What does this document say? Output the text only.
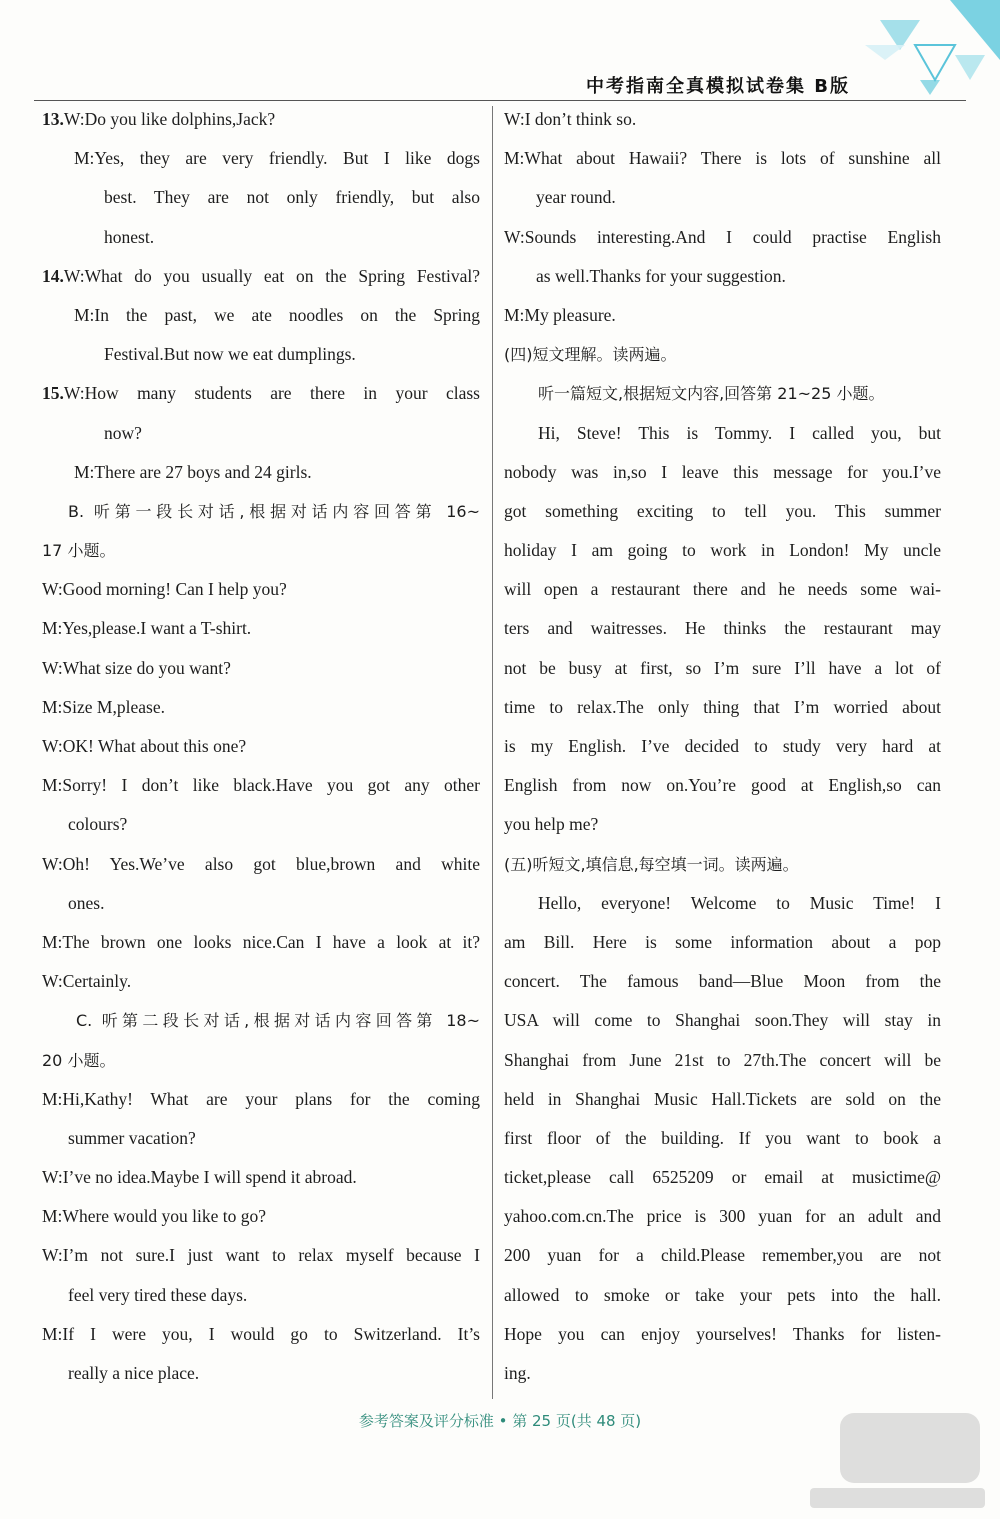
中考指南全真模拟试卷集 B版
13.W:Do you like dolphins,Jack?
M:Yes, they are very friendly. But I like dogs
best. They are not only friendly, but also
honest.
14.W:What do you usually eat on the Spring Festival?
M:In the past, we ate noodles on the Spring
Festival.But now we eat dumplings.
15.W:How many students are there in your class
now?
M:There are 27 boys and 24 girls.
B. 听第一段长对话,根据对话内容回答第 16~
17 小题。
W:Good morning! Can I help you?
M:Yes,please.I want a T-shirt.
W:What size do you want?
M:Size M,please.
W:OK! What about this one?
M:Sorry! I don’t like black.Have you got any other
colours?
W:Oh! Yes.We’ve also got blue,brown and white
ones.
M:The brown one looks nice.Can I have a look at it?
W:Certainly.
C. 听第二段长对话,根据对话内容回答第 18~
20 小题。
M:Hi,Kathy! What are your plans for the coming
summer vacation?
W:I’ve no idea.Maybe I will spend it abroad.
M:Where would you like to go?
W:I’m not sure.I just want to relax myself because I
feel very tired these days.
M:If I were you, I would go to Switzerland. It’s
really a nice place.
W:I don’t think so.
M:What about Hawaii? There is lots of sunshine all
year round.
W:Sounds interesting.And I could practise English
as well.Thanks for your suggestion.
M:My pleasure.
(四)短文理解。读两遍。
听一篇短文,根据短文内容,回答第 21~25 小题。
Hi, Steve! This is Tommy. I called you, but
nobody was in,so I leave this message for you.I’ve
got something exciting to tell you. This summer
holiday I am going to work in London! My uncle
will open a restaurant there and he needs some wai-
ters and waitresses. He thinks the restaurant may
not be busy at first, so I’m sure I’ll have a lot of
time to relax.The only thing that I’m worried about
is my English. I’ve decided to study very hard at
English from now on.You’re good at English,so can
you help me?
(五)听短文,填信息,每空填一词。读两遍。
Hello, everyone! Welcome to Music Time! I
am Bill. Here is some information about a pop
concert. The famous band—Blue Moon from the
USA will come to Shanghai soon.They will stay in
Shanghai from June 21st to 27th.The concert will be
held in Shanghai Music Hall.Tickets are sold on the
first floor of the building. If you want to book a
ticket,please call 6525209 or email at musictime@
yahoo.com.cn.The price is 300 yuan for an adult and
200 yuan for a child.Please remember,you are not
allowed to smoke or take your pets into the hall.
Hope you can enjoy yourselves! Thanks for listen-
ing.
参考答案及评分标准 • 第 25 页(共 48 页)
